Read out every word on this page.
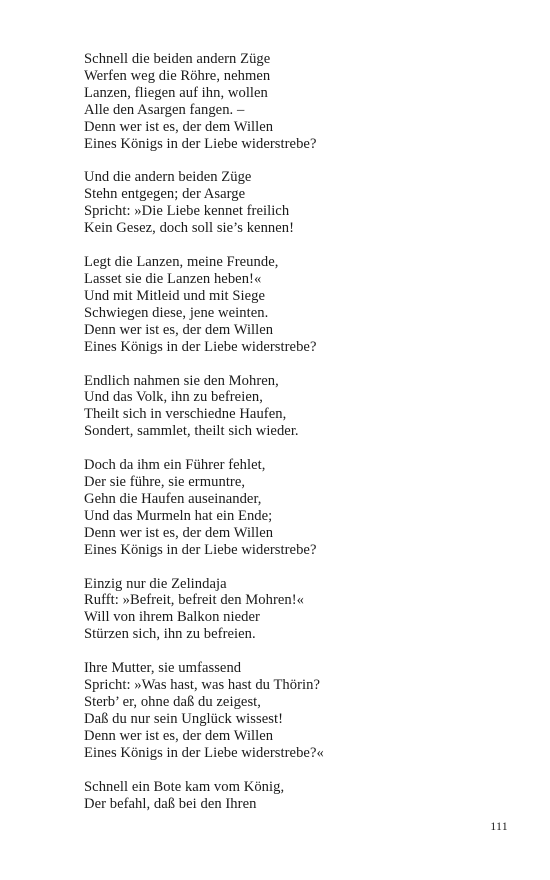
Schnell die beiden andern Züge
Werfen weg die Röhre, nehmen
Lanzen, fliegen auf ihn, wollen
Alle den Asargen fangen. –
Denn wer ist es, der dem Willen
Eines Königs in der Liebe widerstrebe?
Und die andern beiden Züge
Stehn entgegen; der Asarge
Spricht: »Die Liebe kennet freilich
Kein Gesez, doch soll sie’s kennen!
Legt die Lanzen, meine Freunde,
Lasset sie die Lanzen heben!«
Und mit Mitleid und mit Siege
Schwiegen diese, jene weinten.
Denn wer ist es, der dem Willen
Eines Königs in der Liebe widerstrebe?
Endlich nahmen sie den Mohren,
Und das Volk, ihn zu befreien,
Theilt sich in verschiedne Haufen,
Sondert, sammlet, theilt sich wieder.
Doch da ihm ein Führer fehlet,
Der sie führe, sie ermuntre,
Gehn die Haufen auseinander,
Und das Murmeln hat ein Ende;
Denn wer ist es, der dem Willen
Eines Königs in der Liebe widerstrebe?
Einzig nur die Zelindaja
Rufft: »Befreit, befreit den Mohren!«
Will von ihrem Balkon nieder
Stürzen sich, ihn zu befreien.
Ihre Mutter, sie umfassend
Spricht: »Was hast, was hast du Thörin?
Sterb’ er, ohne daß du zeigest,
Daß du nur sein Unglück wissest!
Denn wer ist es, der dem Willen
Eines Königs in der Liebe widerstrebe?«
Schnell ein Bote kam vom König,
Der befahl, daß bei den Ihren
111
